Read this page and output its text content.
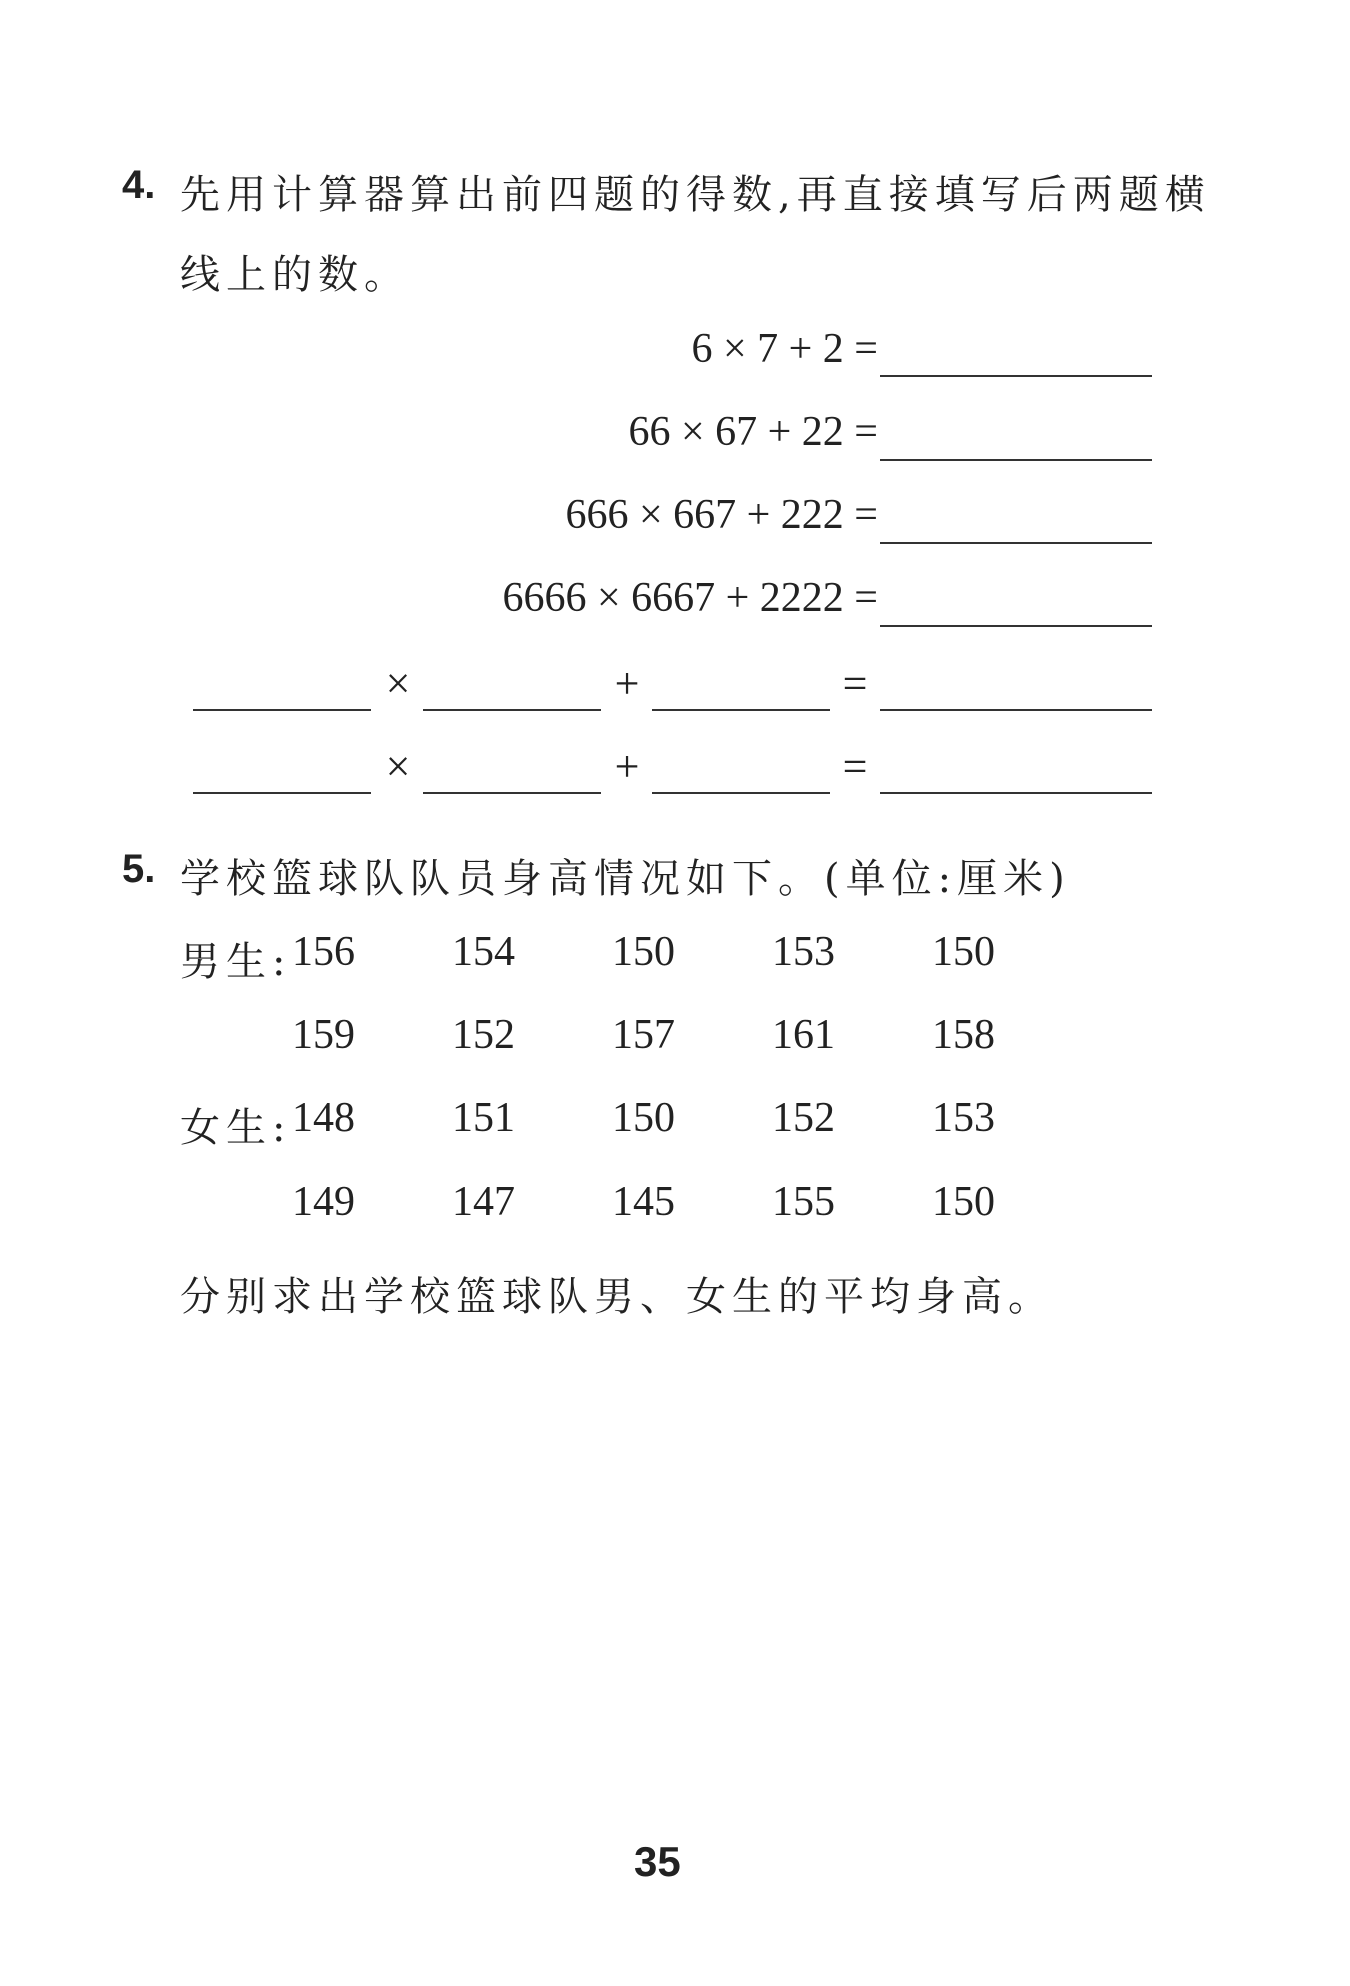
4. 先用计算器算出前四题的得数,再直接填写后两题横
线上的数。
6 × 7 + 2 =
66 × 67 + 22 =
666 × 667 + 222 =
6666 × 6667 + 2222 =
×	+	=
×	+	=
5. 学校篮球队队员身高情况如下。(单位:厘米)
男生: 156 154 150 153 150
159 152 157 161 158
女生: 148 151 150 152 153
149 147 145 155 150
分别求出学校篮球队男、女生的平均身高。
35
